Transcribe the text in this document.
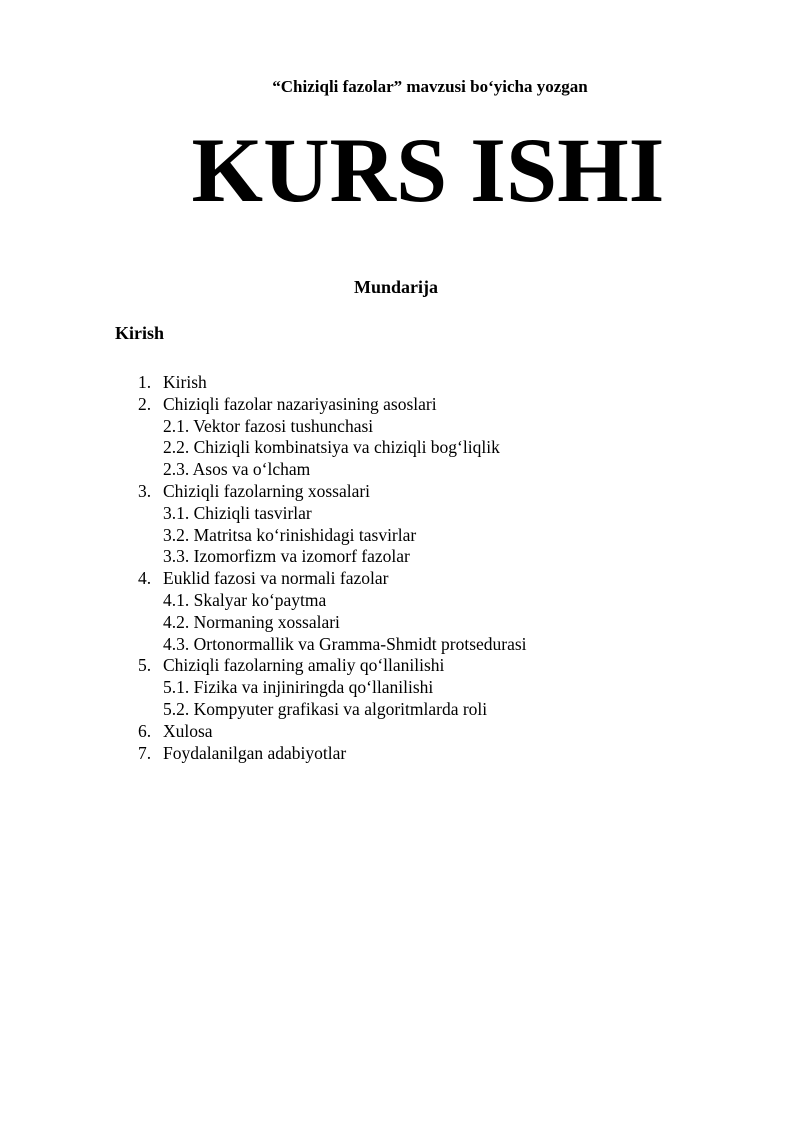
“Chiziqli fazolar” mavzusi bo‘yicha yozgan
KURS ISHI
Mundarija
Kirish
1. Kirish
2. Chiziqli fazolar nazariyasining asoslari
2.1. Vektor fazosi tushunchasi
2.2. Chiziqli kombinatsiya va chiziqli bog‘liqlik
2.3. Asos va o‘lcham
3. Chiziqli fazolarning xossalari
3.1. Chiziqli tasvirlar
3.2. Matritsa ko‘rinishidagi tasvirlar
3.3. Izomorfizm va izomorf fazolar
4. Euklid fazosi va normali fazolar
4.1. Skalyar ko‘paytma
4.2. Normaning xossalari
4.3. Ortonormallik va Gramma-Shmidt protsedurasi
5. Chiziqli fazolarning amaliy qo‘llanilishi
5.1. Fizika va injiniringda qo‘llanilishi
5.2. Kompyuter grafikasi va algoritmlarda roli
6. Xulosa
7. Foydalanilgan adabiyotlar
